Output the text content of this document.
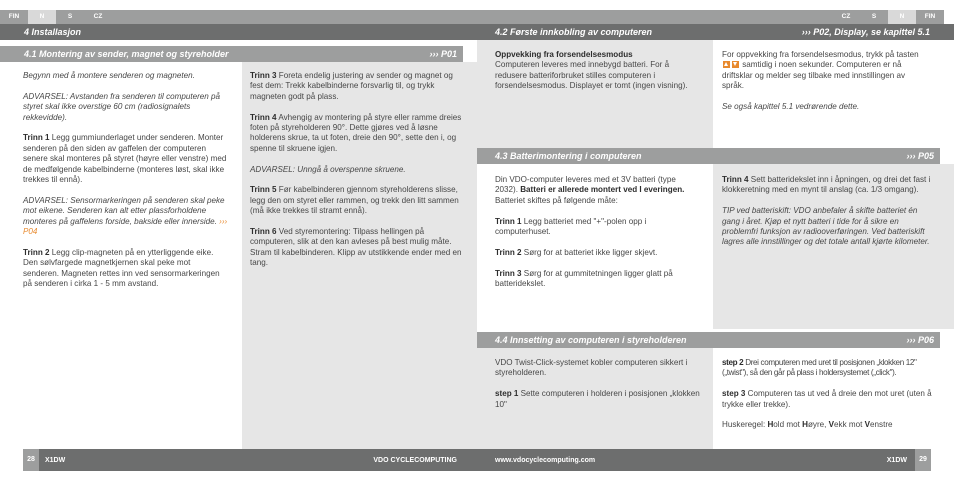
FIN	N	S	CZ	CZ	S	N	FIN
4 Installasjon
4.1 Montering av sender, magnet og styreholder	››› P01

Begynn med å montere senderen og magneten.

ADVARSEL: Avstanden fra senderen til computeren på styret skal ikke overstige 60 cm (radiosignalets rekkevidde).

Trinn 1 Legg gummiunderlaget under senderen. Monter senderen på den siden av gaffelen der computeren senere skal monteres på styret (høyre eller venstre) med de medfølgende kabelbinderne (monteres løst, skal ikke trekkes til ennå).

ADVARSEL: Sensormarkeringen på senderen skal peke mot eikene. Senderen kan alt etter plassforholdene monteres på gaffelens forside, bakside eller innerside. ››› P04

Trinn 2 Legg clip-magneten på en ytterliggende eike. Den sølvfargede magnetkjernen skal peke mot senderen. Magneten rettes inn ved sensormarkeringen på senderen i cirka 1 - 5 mm avstand.

Trinn 3 Foreta endelig justering av sender og magnet og fest dem: Trekk kabelbinderne forsvarlig til, og trykk magneten godt på plass.

Trinn 4 Avhengig av montering på styre eller ramme dreies foten på styreholderen 90°. Dette gjøres ved å løsne holderens skrue, ta ut foten, dreie den 90°, sette den i, og spenne til skruene igjen.

ADVARSEL: Unngå å overspenne skruene.

Trinn 5 Før kabelbinderen gjennom styreholderens slisse, legg den om styret eller rammen, og trekk den litt sammen (må ikke trekkes til stramt ennå).

Trinn 6 Ved styremontering: Tilpass hellingen på computeren, slik at den kan avleses på best mulig måte. Stram til kabelbinderen. Klipp av utstikkende ender med en tang.

28	X1DW	VDO CYCLECOMPUTING
4.2 Første innkobling av computeren	››› P02, Display, se kapittel 5.1

Oppvekking fra forsendelsesmodus
Computeren leveres med innebygd batteri. For å redusere batteriforbruket stilles computeren i forsendelsesmodus. Displayet er tomt (ingen visning).

For oppvekking fra forsendelsesmodus, trykk på tasten  samtidig i noen sekunder. Computeren er nå driftsklar og melder seg tilbake med innstillingen av språk.

Se også kapittel 5.1 vedrørende dette.

4.3 Batterimontering i computeren	››› P05

Din VDO-computer leveres med et 3V batteri (type 2032). Batteri er allerede montert ved I everingen. Batteriet skiftes på følgende måte:

Trinn 1 Legg batteriet med "+"-polen opp i computerhuset.

Trinn 2 Sørg for at batteriet ikke ligger skjevt.

Trinn 3 Sørg for at gummitetningen ligger glatt på batteridekslet.

Trinn 4 Sett batteridekslet inn i åpningen, og drei det fast i klokkeretning med en mynt til anslag (ca. 1/3 omgang).

TIP ved batteriskift: VDO anbefaler å skifte batteriet én gang i året. Kjøp et nytt batteri i tide for å sikre en problemfri funksjon av radiooverføringen. Ved batteriskift lagres alle innstillinger og det totale antall kjørte kilometer.

4.4 Innsetting av computeren i styreholderen	››› P06

VDO Twist-Click-systemet kobler computeren sikkert i styreholderen.

step 1 Sette computeren i holderen i posisjonen „klokken 10"

step 2 Drei computeren med uret til posisjonen „klokken 12" („twist"), så den går på plass i holdersystemet („click").

step 3 Computeren tas ut ved å dreie den mot uret (uten å trykke eller trekke).

Huskeregel: Hold mot Høyre, Vekk mot Venstre

www.vdocyclecomputing.com	X1DW	29
